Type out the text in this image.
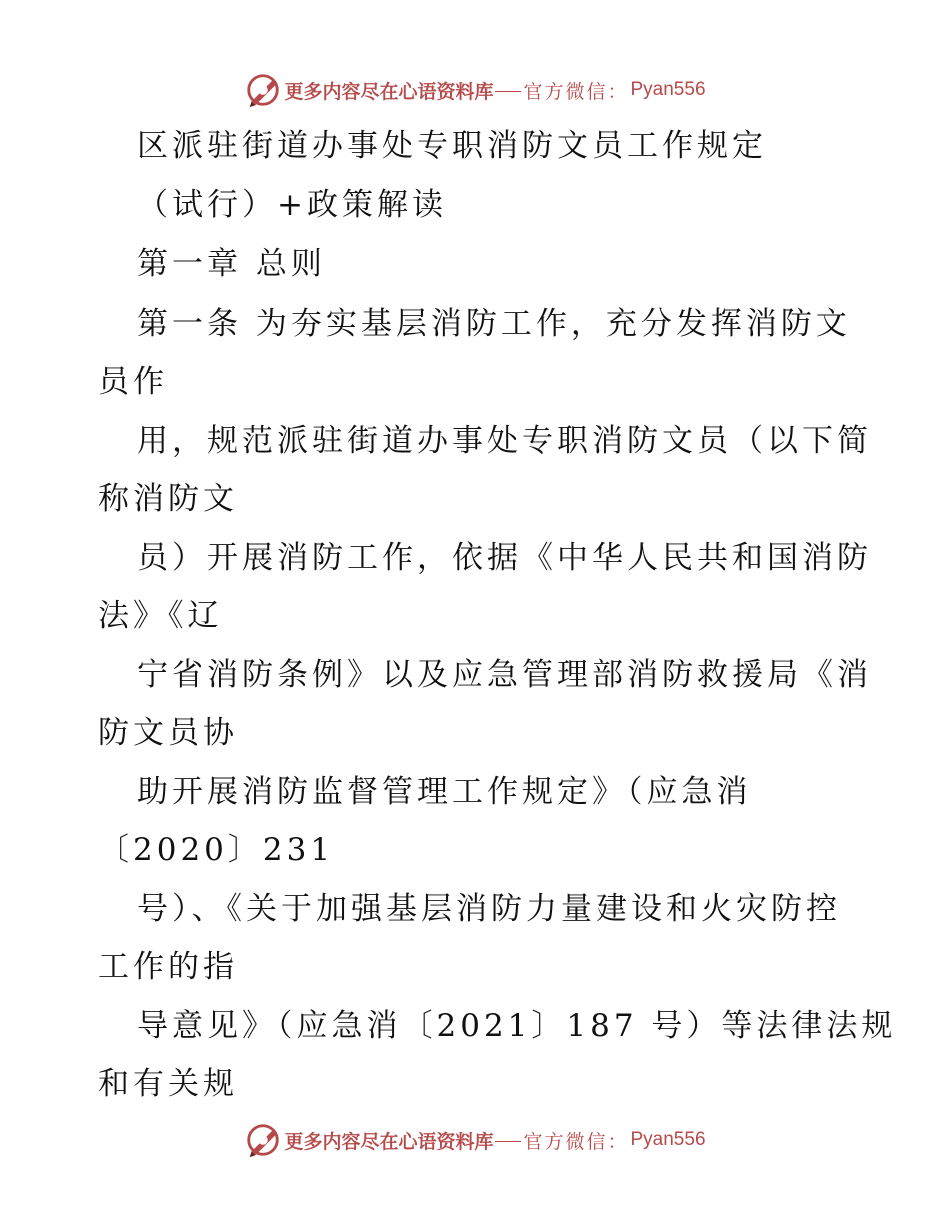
更多内容尽在心语资料库 官方微信： Pyan556
区派驻街道办事处专职消防文员工作规定
（试行）+政策解读
第一章 总则
第一条 为夯实基层消防工作，充分发挥消防文
员作
用，规范派驻街道办事处专职消防文员（以下简
称消防文
员）开展消防工作，依据《中华人民共和国消防
法》《辽
宁省消防条例》以及应急管理部消防救援局《消
防文员协
助开展消防监督管理工作规定》（应急消
〔2020〕231
号）、《关于加强基层消防力量建设和火灾防控
工作的指
导意见》（应急消〔2021〕187 号）等法律法规
和有关规
更多内容尽在心语资料库 官方微信： Pyan556
